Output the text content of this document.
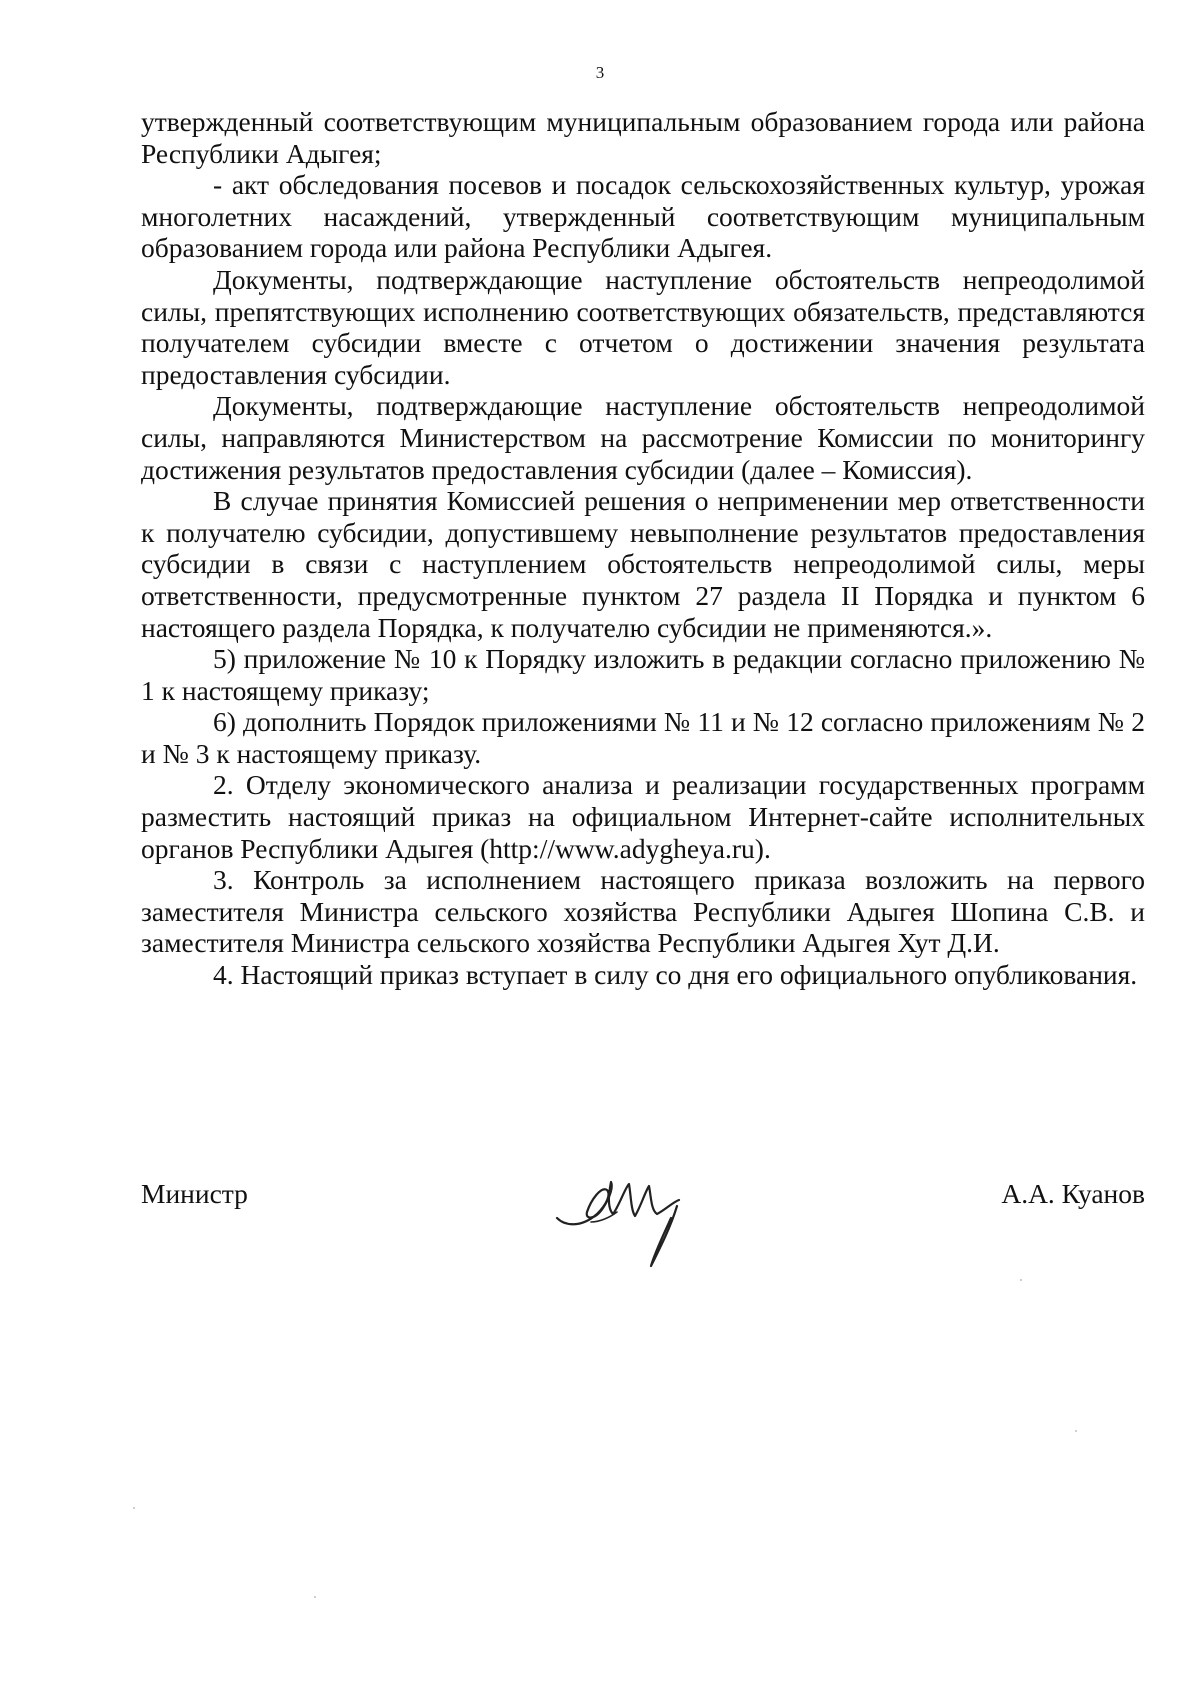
3

утвержденный соответствующим муниципальным образованием города или района Республики Адыгея;

- акт обследования посевов и посадок сельскохозяйственных культур, урожая многолетних насаждений, утвержденный соответствующим муниципальным образованием города или района Республики Адыгея.

Документы, подтверждающие наступление обстоятельств непреодолимой силы, препятствующих исполнению соответствующих обязательств, представляются получателем субсидии вместе с отчетом о достижении значения результата предоставления субсидии.

Документы, подтверждающие наступление обстоятельств непреодолимой силы, направляются Министерством на рассмотрение Комиссии по мониторингу достижения результатов предоставления субсидии (далее – Комиссия).

В случае принятия Комиссией решения о неприменении мер ответственности к получателю субсидии, допустившему невыполнение результатов предоставления субсидии в связи с наступлением обстоятельств непреодолимой силы, меры ответственности, предусмотренные пунктом 27 раздела II Порядка и пунктом 6 настоящего раздела Порядка, к получателю субсидии не применяются.».

5) приложение № 10 к Порядку изложить в редакции согласно приложению № 1 к настоящему приказу;

6) дополнить Порядок приложениями № 11 и № 12 согласно приложениям № 2 и № 3 к настоящему приказу.

2. Отделу экономического анализа и реализации государственных программ разместить настоящий приказ на официальном Интернет-сайте исполнительных органов Республики Адыгея (http://www.adygheya.ru).

3. Контроль за исполнением настоящего приказа возложить на первого заместителя Министра сельского хозяйства Республики Адыгея Шопина С.В. и заместителя Министра сельского хозяйства Республики Адыгея Хут Д.И.

4. Настоящий приказ вступает в силу со дня его официального опубликования.

Министр	А.А. Куанов
